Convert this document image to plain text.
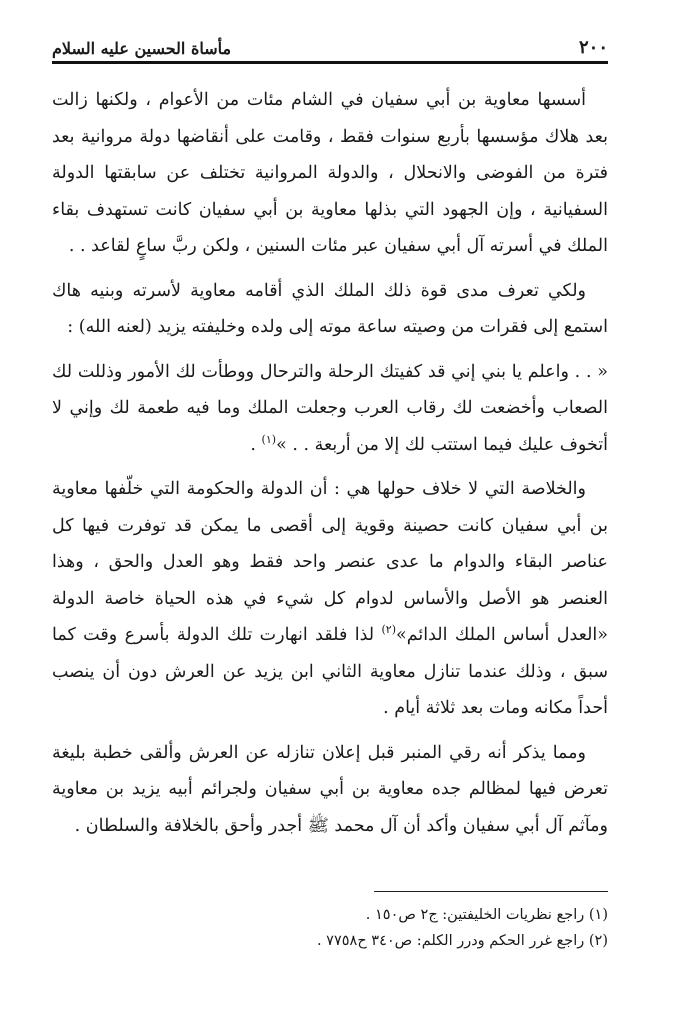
٢٠٠
مأساة الحسين عليه السلام

أسسها معاوية بن أبي سفيان في الشام مئات من الأعوام ، ولكنها زالت بعد هلاك مؤسسها بأربع سنوات فقط ، وقامت على أنقاضها دولة مروانية بعد فترة من الفوضى والانحلال ، والدولة المروانية تختلف عن سابقتها الدولة السفيانية ، وإن الجهود التي بذلها معاوية بن أبي سفيان كانت تستهدف بقاء الملك في أسرته آل أبي سفيان عبر مئات السنين ، ولكن ربَّ ساعٍ لقاعد . .

ولكي تعرف مدى قوة ذلك الملك الذي أقامه معاوية لأسرته وبنيه هاك استمع إلى فقرات من وصيته ساعة موته إلى ولده وخليفته يزيد (لعنه الله) :

« . . واعلم يا بني إني قد كفيتك الرحلة والترحال ووطأت لك الأمور وذللت لك الصعاب وأخضعت لك رقاب العرب وجعلت الملك وما فيه طعمة لك وإني لا أتخوف عليك فيما استتب لك إلا من أربعة . . »$^{(١)}$ .

والخلاصة التي لا خلاف حولها هي : أن الدولة والحكومة التي خلّفها معاوية بن أبي سفيان كانت حصينة وقوية إلى أقصى ما يمكن قد توفرت فيها كل عناصر البقاء والدوام ما عدى عنصر واحد فقط وهو العدل والحق ، وهذا العنصر هو الأصل والأساس لدوام كل شيء في هذه الحياة خاصة الدولة «العدل أساس الملك الدائم»$^{(٢)}$ لذا فلقد انهارت تلك الدولة بأسرع وقت كما سبق ، وذلك عندما تنازل معاوية الثاني ابن يزيد عن العرش دون أن ينصب أحداً مكانه ومات بعد ثلاثة أيام .

ومما يذكر أنه رقي المنبر قبل إعلان تنازله عن العرش وألقى خطبة بليغة تعرض فيها لمظالم جده معاوية بن أبي سفيان ولجرائم أبيه يزيد بن معاوية ومآثم آل أبي سفيان وأكد أن آل محمد ﷺ أجدر وأحق بالخلافة والسلطان .

(١) راجع نظريات الخليفتين: ج٢ ص١٥٠ .
(٢) راجع غرر الحكم ودرر الكلم: ص٣٤٠ ح٧٧٥٨ .
